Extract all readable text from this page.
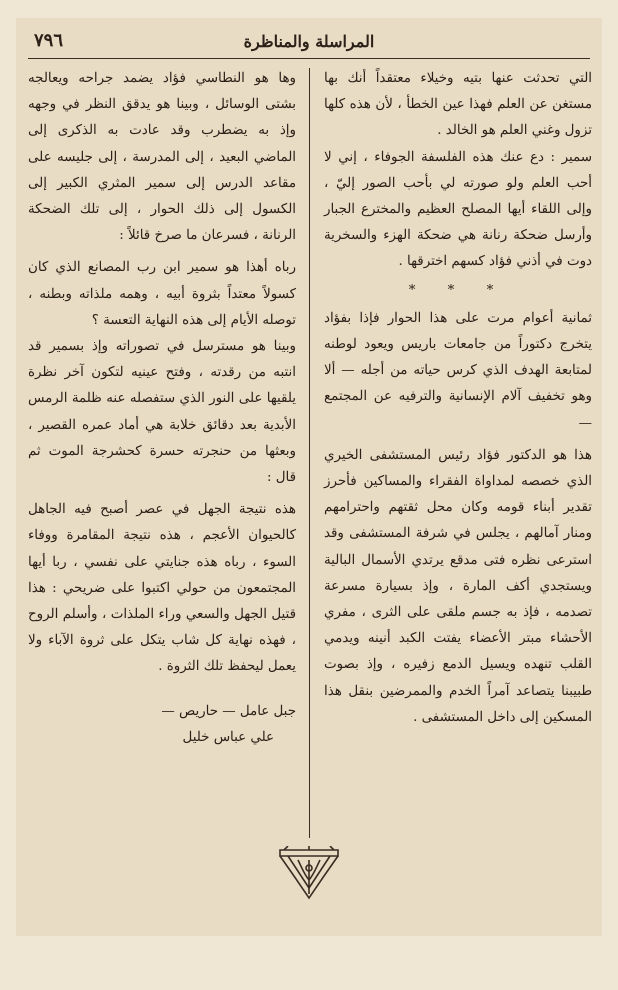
٧٩٦	المراسلة والمناظرة

التي تحدثت عنها بتيه وخيلاء معتقداً أنك بها مستغن عن العلم فهذا عين الخطأ ، لأن هذه كلها تزول وغني العلم هو الخالد .

سمير : دع عنك هذه الفلسفة الجوفاء ، إني لا أحب العلم ولو صورته لي بأحب الصور إليّ ، وإلى اللقاء أيها المصلح العظيم والمخترع الجبار وأرسل ضحكة رنانة هي ضحكة الهزء والسخرية دوت في أذني فؤاد كسهم اخترقها .

* * *

ثمانية أعوام مرت على هذا الحوار فإذا بفؤاد يتخرج دكتوراً من جامعات باريس ويعود لوطنه لمتابعة الهدف الذي كرس حياته من أجله — ألا وهو تخفيف آلام الإنسانية والترفيه عن المجتمع —

هذا هو الدكتور فؤاد رئيس المستشفى الخيري الذي خصصه لمداواة الفقراء والمساكين فأحرز تقدير أبناء قومه وكان محل ثقتهم واحترامهم ومنار آمالهم ، يجلس في شرفة المستشفى وقد استرعى نظره فتى مدقع يرتدي الأسمال البالية ويستجدي أكف المارة ، وإذ بسيارة مسرعة تصدمه ، فإذ به جسم ملقى على الثرى ، مفري الأحشاء مبتر الأعضاء يفتت الكبد أنينه ويدمي القلب تنهده ويسيل الدمع زفيره ، وإذ بصوت طبيبنا يتصاعد آمراً الخدم والممرضين بنقل هذا المسكين إلى داخل المستشفى .

وها هو النطاسي فؤاد يضمد جراحه ويعالجه بشتى الوسائل ، وبينا هو يدقق النظر في وجهه وإذ به يضطرب وقد عادت به الذكرى إلى الماضي البعيد ، إلى المدرسة ، إلى جليسه على مقاعد الدرس إلى سمير المثري الكبير إلى الكسول إلى ذلك الحوار ، إلى تلك الضحكة الرنانة ، فسرعان ما صرخ قائلاً :

رباه أهذا هو سمير ابن رب المصانع الذي كان كسولاً معتداً بثروة أبيه ، وهمه ملذاته وبطنه ، توصله الأيام إلى هذه النهاية التعسة ؟

وبينا هو مسترسل في تصوراته وإذ بسمير قد انتبه من رقدته ، وفتح عينيه لتكون آخر نظرة يلقيها على النور الذي ستفصله عنه ظلمة الرمس الأبدية بعد دقائق خلابة هي أماد عمره القصير ، وبعثها من حنجرته حسرة كحشرجة الموت ثم قال :

هذه نتيجة الجهل في عصر أصبح فيه الجاهل كالحيوان الأعجم ، هذه نتيجة المقامرة ووفاء السوء ، رباه هذه جنايتي على نفسي ، ربا أيها المجتمعون من حولي اكتبوا على ضريحي : هذا قتيل الجهل والسعي وراء الملذات ، وأسلم الروح ، فهذه نهاية كل شاب يتكل على ثروة الآباء ولا يعمل ليحفظ تلك الثروة .

جبل عامل — حاريص —
علي عباس خليل
